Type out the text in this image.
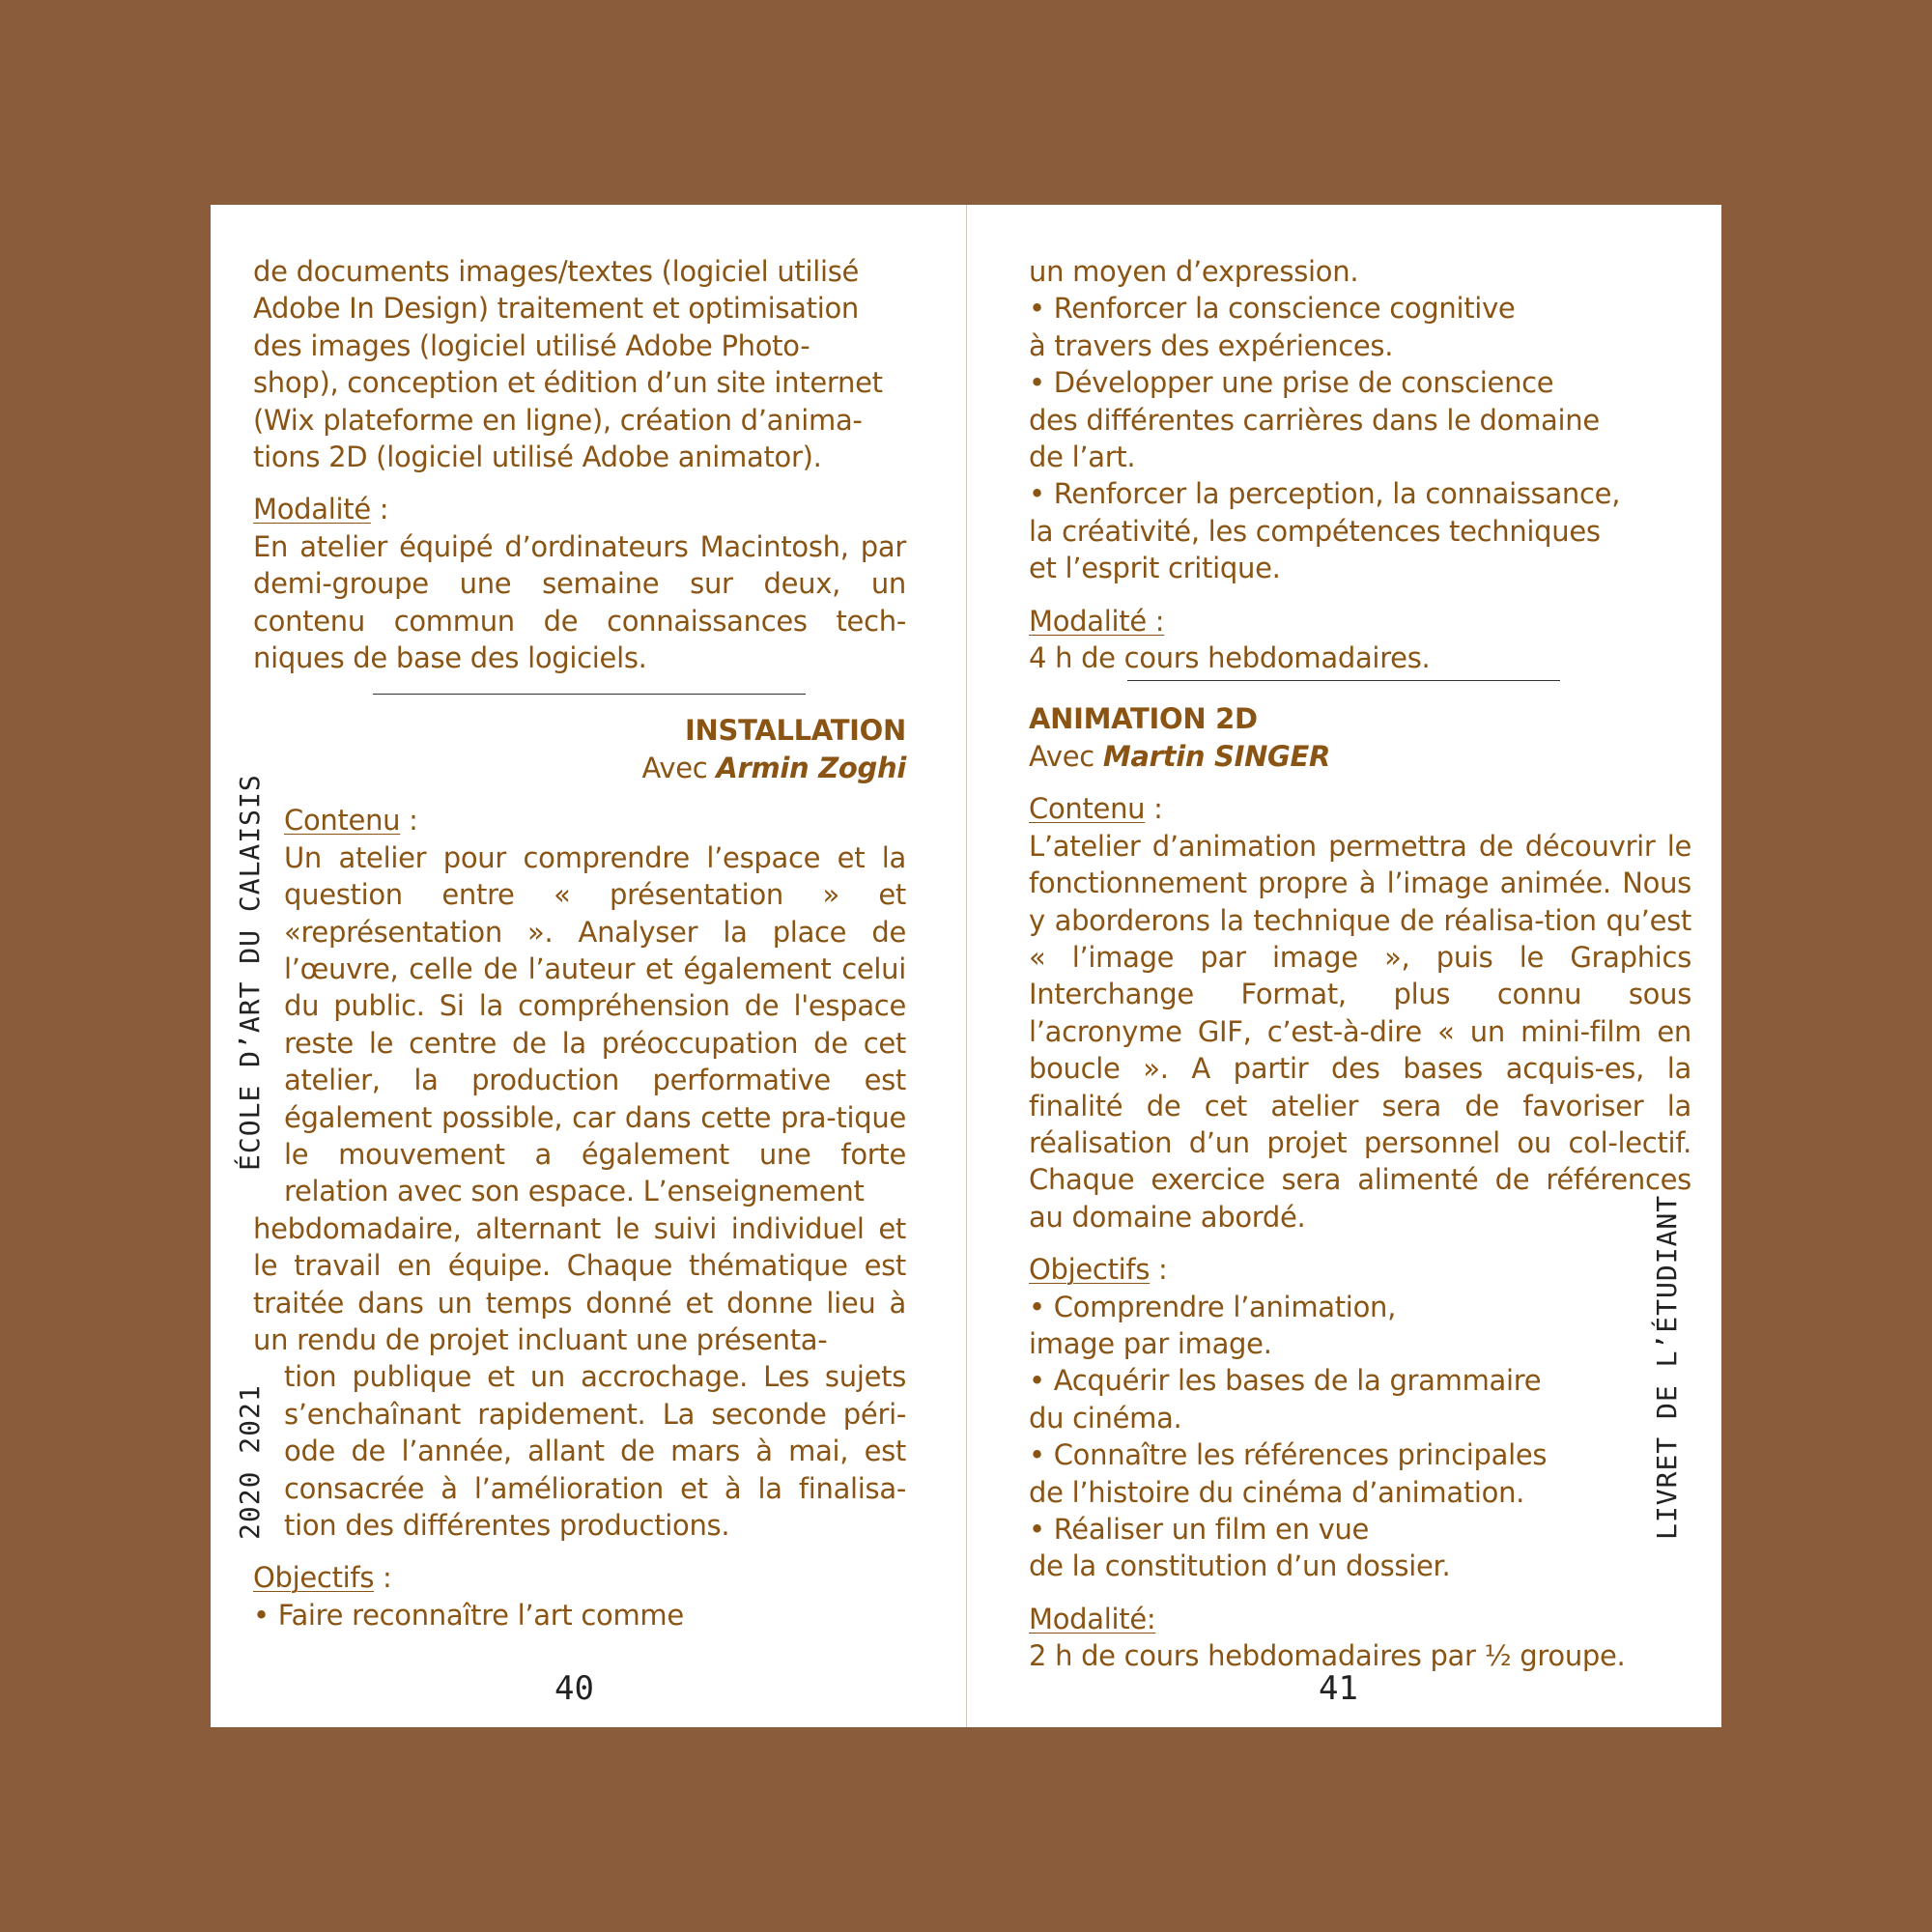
de documents images/textes (logiciel utilisé

Adobe In Design) traitement et optimisation

des images (logiciel utilisé Adobe Photo-

shop), conception et édition d’un site internet

(Wix plateforme en ligne), création d’anima-

tions 2D (logiciel utilisé Adobe animator).

Modalité :

En atelier équipé d’ordinateurs Macintosh, par demi-groupe une semaine sur deux, un contenu commun de connaissances tech-niques de base des logiciels.

INSTALLATION

Avec Armin Zoghi

Contenu :

Un atelier pour comprendre l’espace et la question entre « présentation » et «représentation ». Analyser la place de l’œuvre, celle de l’auteur et également celui du public. Si la compréhension de l'espace reste le centre de la préoccupation de cet atelier, la production performative est également possible, car dans cette pra-tique le mouvement a également une forte relation avec son espace. L’enseignement

hebdomadaire, alternant le suivi individuel et le travail en équipe. Chaque thématique est traitée dans un temps donné et donne lieu à un rendu de projet incluant une présenta-

tion publique et un accrochage. Les sujets s’enchaînant rapidement. La seconde péri-ode de l’année, allant de mars à mai, est consacrée à l’amélioration et à la finalisa-tion des différentes productions.

Objectifs :

• Faire reconnaître l’art comme

ÉCOLE D’ART DU CALAISIS
2020 2021
40

un moyen d’expression.

• Renforcer la conscience cognitive

à travers des expériences.

• Développer une prise de conscience

des différentes carrières dans le domaine

de l’art.

• Renforcer la perception, la connaissance,

la créativité, les compétences techniques

et l’esprit critique.

Modalité :

4 h de cours hebdomadaires.

ANIMATION 2D

Avec Martin SINGER

Contenu :

L’atelier d’animation permettra de découvrir le fonctionnement propre à l’image animée. Nous y aborderons la technique de réalisa-tion qu’est « l’image par image », puis le Graphics Interchange Format, plus connu sous l’acronyme GIF, c’est-à-dire « un mini-film en boucle ». A partir des bases acquis-es, la finalité de cet atelier sera de favoriser la réalisation d’un projet personnel ou col-lectif. Chaque exercice sera alimenté de références au domaine abordé.

Objectifs :

• Comprendre l’animation,

image par image.

• Acquérir les bases de la grammaire

du cinéma.

• Connaître les références principales

de l’histoire du cinéma d’animation.

• Réaliser un film en vue

de la constitution d’un dossier.

Modalité:

2 h de cours hebdomadaires par ½ groupe.

LIVRET DE L’ÉTUDIANT
41
